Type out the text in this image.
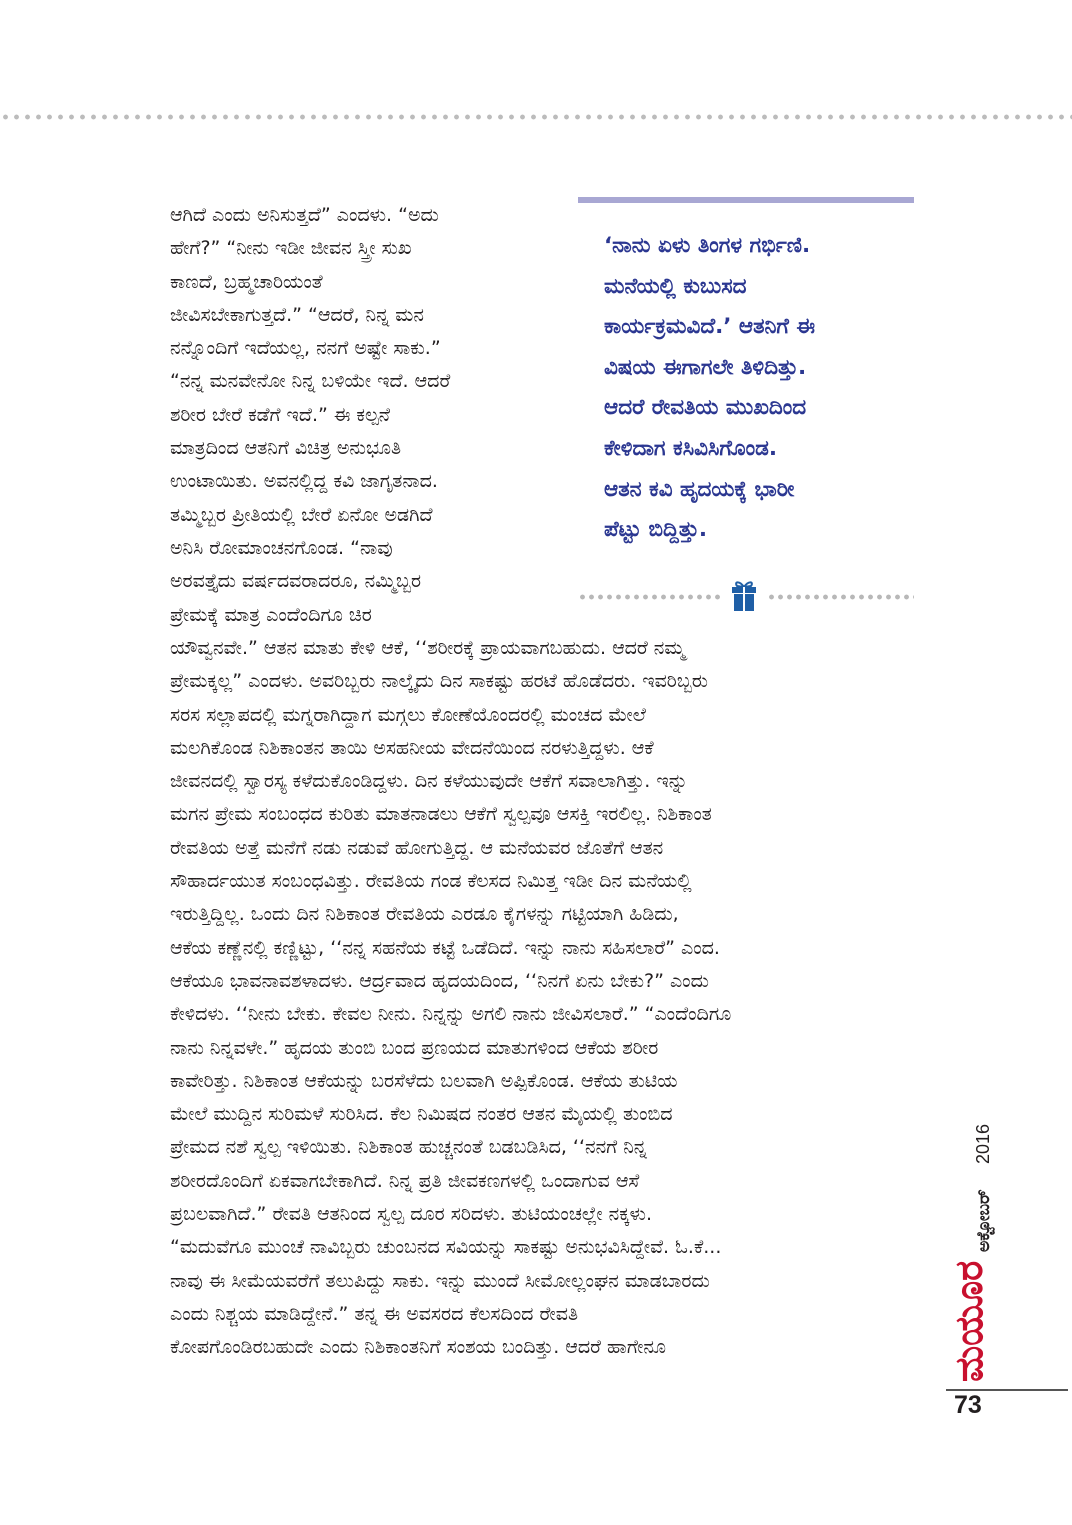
ಆಗಿದೆ ಎಂದು ಅನಿಸುತ್ತದೆ” ಎಂದಳು. “ಅದು

ಹೇಗೆ?” “ನೀನು ಇಡೀ ಜೀವನ ಸ್ತ್ರೀ ಸುಖ

ಕಾಣದೆ, ಬ್ರಹ್ಮಚಾರಿಯಂತೆ

ಜೀವಿಸಬೇಕಾಗುತ್ತದೆ.” “ಆದರೆ, ನಿನ್ನ ಮನ

ನನ್ನೊಂದಿಗೆ ಇದೆಯಲ್ಲ, ನನಗೆ ಅಷ್ಟೇ ಸಾಕು.”

“ನನ್ನ ಮನವೇನೋ ನಿನ್ನ ಬಳಿಯೇ ಇದೆ. ಆದರೆ

ಶರೀರ ಬೇರೆ ಕಡೆಗೆ ಇದೆ.” ಈ ಕಲ್ಪನೆ

ಮಾತ್ರದಿಂದ ಆತನಿಗೆ ವಿಚಿತ್ರ ಅನುಭೂತಿ

ಉಂಟಾಯಿತು. ಅವನಲ್ಲಿದ್ದ ಕವಿ ಜಾಗೃತನಾದ.

ತಮ್ಮಿಬ್ಬರ ಪ್ರೀತಿಯಲ್ಲಿ ಬೇರೆ ಏನೋ ಅಡಗಿದೆ

ಅನಿಸಿ ರೋಮಾಂಚನಗೊಂಡ. “ನಾವು

ಅರವತ್ತೈದು ವರ್ಷದವರಾದರೂ, ನಮ್ಮಿಬ್ಬರ

ಪ್ರೇಮಕ್ಕೆ ಮಾತ್ರ ಎಂದೆಂದಿಗೂ ಚಿರ

‘ನಾನು ಏಳು ತಿಂಗಳ ಗರ್ಭಿಣಿ.

ಮನೆಯಲ್ಲಿ ಕುಬುಸದ

ಕಾರ್ಯಕ್ರಮವಿದೆ.’ ಆತನಿಗೆ ಈ

ವಿಷಯ ಈಗಾಗಲೇ ತಿಳಿದಿತ್ತು.

ಆದರೆ ರೇವತಿಯ ಮುಖದಿಂದ

ಕೇಳಿದಾಗ ಕಸಿವಿಸಿಗೊಂಡ.

ಆತನ ಕವಿ ಹೃದಯಕ್ಕೆ ಭಾರೀ

ಪೆಟ್ಟು ಬಿದ್ದಿತ್ತು.

ಯೌವ್ವನವೇ.” ಆತನ ಮಾತು ಕೇಳಿ ಆಕೆ, ‘‘ಶರೀರಕ್ಕೆ ಪ್ರಾಯವಾಗಬಹುದು. ಆದರೆ ನಮ್ಮ

ಪ್ರೇಮಕ್ಕಲ್ಲ” ಎಂದಳು. ಅವರಿಬ್ಬರು ನಾಲ್ಕೈದು ದಿನ ಸಾಕಷ್ಟು ಹರಟೆ ಹೊಡೆದರು. ಇವರಿಬ್ಬರು

ಸರಸ ಸಲ್ಲಾಪದಲ್ಲಿ ಮಗ್ನರಾಗಿದ್ದಾಗ ಮಗ್ಗಲು ಕೋಣೆಯೊಂದರಲ್ಲಿ ಮಂಚದ ಮೇಲೆ

ಮಲಗಿಕೊಂಡ ನಿಶಿಕಾಂತನ ತಾಯಿ ಅಸಹನೀಯ ವೇದನೆಯಿಂದ ನರಳುತ್ತಿದ್ದಳು. ಆಕೆ

ಜೀವನದಲ್ಲಿ ಸ್ವಾರಸ್ಯ ಕಳೆದುಕೊಂಡಿದ್ದಳು. ದಿನ ಕಳೆಯುವುದೇ ಆಕೆಗೆ ಸವಾಲಾಗಿತ್ತು. ಇನ್ನು

ಮಗನ ಪ್ರೇಮ ಸಂಬಂಧದ ಕುರಿತು ಮಾತನಾಡಲು ಆಕೆಗೆ ಸ್ವಲ್ಪವೂ ಆಸಕ್ತಿ ಇರಲಿಲ್ಲ. ನಿಶಿಕಾಂತ

ರೇವತಿಯ ಅತ್ತೆ ಮನೆಗೆ ನಡು ನಡುವೆ ಹೋಗುತ್ತಿದ್ದ. ಆ ಮನೆಯವರ ಜೊತೆಗೆ ಆತನ

ಸೌಹಾರ್ದಯುತ ಸಂಬಂಧವಿತ್ತು. ರೇವತಿಯ ಗಂಡ ಕೆಲಸದ ನಿಮಿತ್ತ ಇಡೀ ದಿನ ಮನೆಯಲ್ಲಿ

ಇರುತ್ತಿದ್ದಿಲ್ಲ. ಒಂದು ದಿನ ನಿಶಿಕಾಂತ ರೇವತಿಯ ಎರಡೂ ಕೈಗಳನ್ನು ಗಟ್ಟಿಯಾಗಿ ಹಿಡಿದು,

ಆಕೆಯ ಕಣ್ಣೆನಲ್ಲಿ ಕಣ್ಣಿಟ್ಟು, ‘‘ನನ್ನ ಸಹನೆಯ ಕಟ್ಟೆ ಒಡೆದಿದೆ. ಇನ್ನು ನಾನು ಸಹಿಸಲಾರೆ” ಎಂದ.

ಆಕೆಯೂ ಭಾವನಾವಶಳಾದಳು. ಆರ್ದ್ರವಾದ ಹೃದಯದಿಂದ, ‘‘ನಿನಗೆ ಏನು ಬೇಕು?” ಎಂದು

ಕೇಳಿದಳು. ‘‘ನೀನು ಬೇಕು. ಕೇವಲ ನೀನು. ನಿನ್ನನ್ನು ಅಗಲಿ ನಾನು ಜೀವಿಸಲಾರೆ.” “ಎಂದೆಂದಿಗೂ

ನಾನು ನಿನ್ನವಳೇ.” ಹೃದಯ ತುಂಬಿ ಬಂದ ಪ್ರಣಯದ ಮಾತುಗಳಿಂದ ಆಕೆಯ ಶರೀರ

ಕಾವೇರಿತ್ತು. ನಿಶಿಕಾಂತ ಆಕೆಯನ್ನು ಬರಸೆಳೆದು ಬಲವಾಗಿ ಅಪ್ಪಿಕೊಂಡ. ಆಕೆಯ ತುಟಿಯ

ಮೇಲೆ ಮುದ್ದಿನ ಸುರಿಮಳೆ ಸುರಿಸಿದ. ಕೆಲ ನಿಮಿಷದ ನಂತರ ಆತನ ಮೈಯಲ್ಲಿ ತುಂಬಿದ

ಪ್ರೇಮದ ನಶೆ ಸ್ವಲ್ಪ ಇಳಿಯಿತು. ನಿಶಿಕಾಂತ ಹುಚ್ಚನಂತೆ ಬಡಬಡಿಸಿದ, ‘‘ನನಗೆ ನಿನ್ನ

ಶರೀರದೊಂದಿಗೆ ಏಕವಾಗಬೇಕಾಗಿದೆ. ನಿನ್ನ ಪ್ರತಿ ಜೀವಕಣಗಳಲ್ಲಿ ಒಂದಾಗುವ ಆಸೆ

ಪ್ರಬಲವಾಗಿದೆ.” ರೇವತಿ ಆತನಿಂದ ಸ್ವಲ್ಪ ದೂರ ಸರಿದಳು. ತುಟಿಯಂಚಲ್ಲೇ ನಕ್ಕಳು.

“ಮದುವೆಗೂ ಮುಂಚೆ ನಾವಿಬ್ಬರು ಚುಂಬನದ ಸವಿಯನ್ನು ಸಾಕಷ್ಟು ಅನುಭವಿಸಿದ್ದೇವೆ. ಓ.ಕೆ...

ನಾವು ಈ ಸೀಮೆಯವರೆಗೆ ತಲುಪಿದ್ದು ಸಾಕು. ಇನ್ನು ಮುಂದೆ ಸೀಮೋಲ್ಲಂಘನ ಮಾಡಬಾರದು

ಎಂದು ನಿಶ್ಚಯ ಮಾಡಿದ್ದೇನೆ.” ತನ್ನ ಈ ಅವಸರದ ಕೆಲಸದಿಂದ ರೇವತಿ

ಕೋಪಗೊಂಡಿರಬಹುದೇ ಎಂದು ನಿಶಿಕಾಂತನಿಗೆ ಸಂಶಯ ಬಂದಿತ್ತು. ಆದರೆ ಹಾಗೇನೂ	ಮಯೂರ
ಅಕ್ಟೋಬರ್
2016
73
